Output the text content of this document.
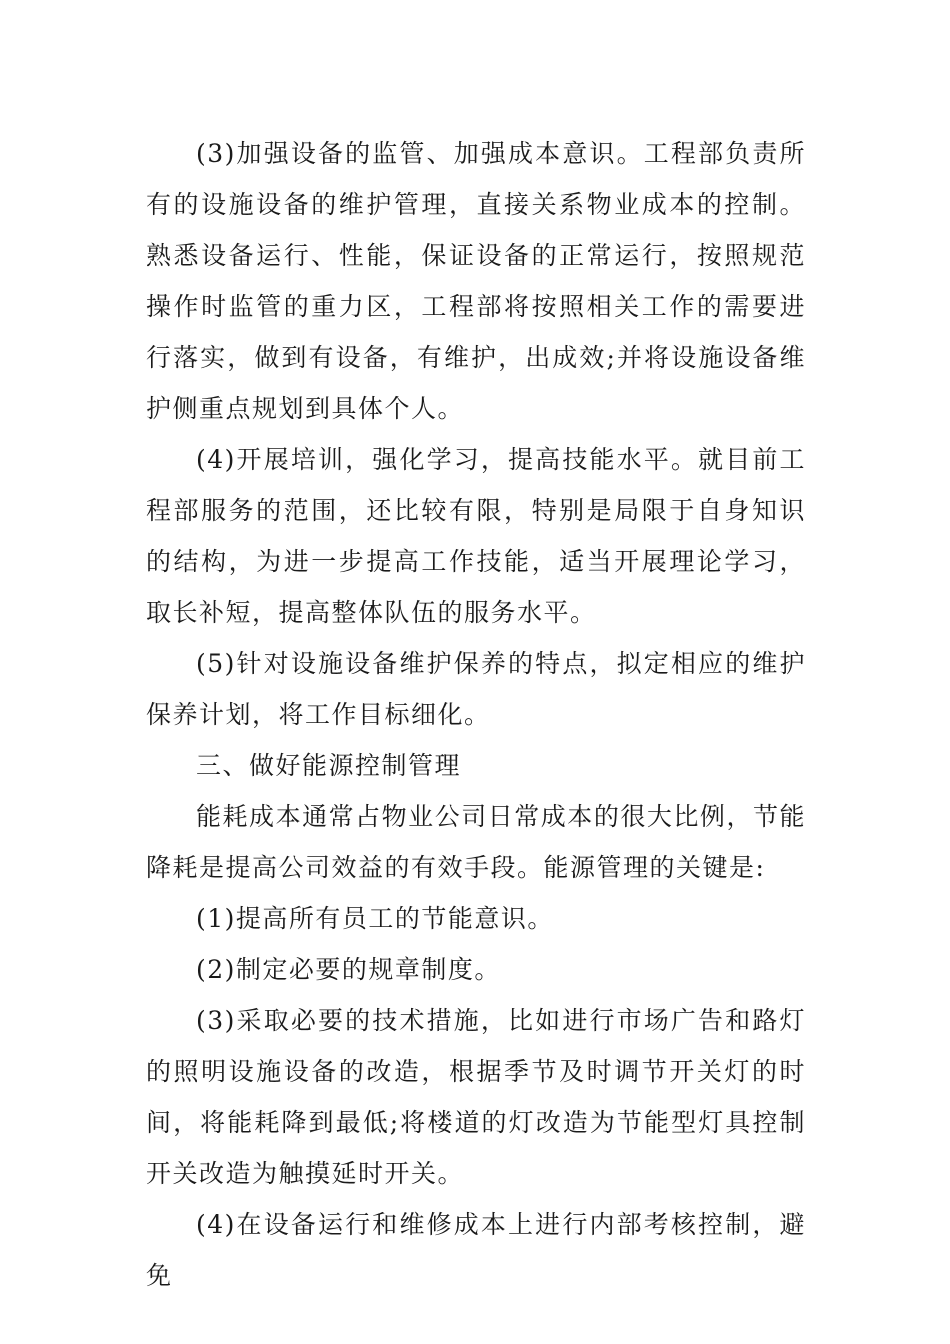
(3)加强设备的监管、加强成本意识。工程部负责所有的设施设备的维护管理，直接关系物业成本的控制。熟悉设备运行、性能，保证设备的正常运行，按照规范操作时监管的重力区，工程部将按照相关工作的需要进行落实，做到有设备，有维护，出成效;并将设施设备维护侧重点规划到具体个人。

(4)开展培训，强化学习，提高技能水平。就目前工程部服务的范围，还比较有限，特别是局限于自身知识的结构，为进一步提高工作技能，适当开展理论学习，取长补短，提高整体队伍的服务水平。

(5)针对设施设备维护保养的特点，拟定相应的维护保养计划，将工作目标细化。

三、做好能源控制管理

能耗成本通常占物业公司日常成本的很大比例，节能降耗是提高公司效益的有效手段。能源管理的关键是:

(1)提高所有员工的节能意识。

(2)制定必要的规章制度。

(3)采取必要的技术措施，比如进行市场广告和路灯的照明设施设备的改造，根据季节及时调节开关灯的时间，将能耗降到最低;将楼道的灯改造为节能型灯具控制开关改造为触摸延时开关。

(4)在设备运行和维修成本上进行内部考核控制，避免
